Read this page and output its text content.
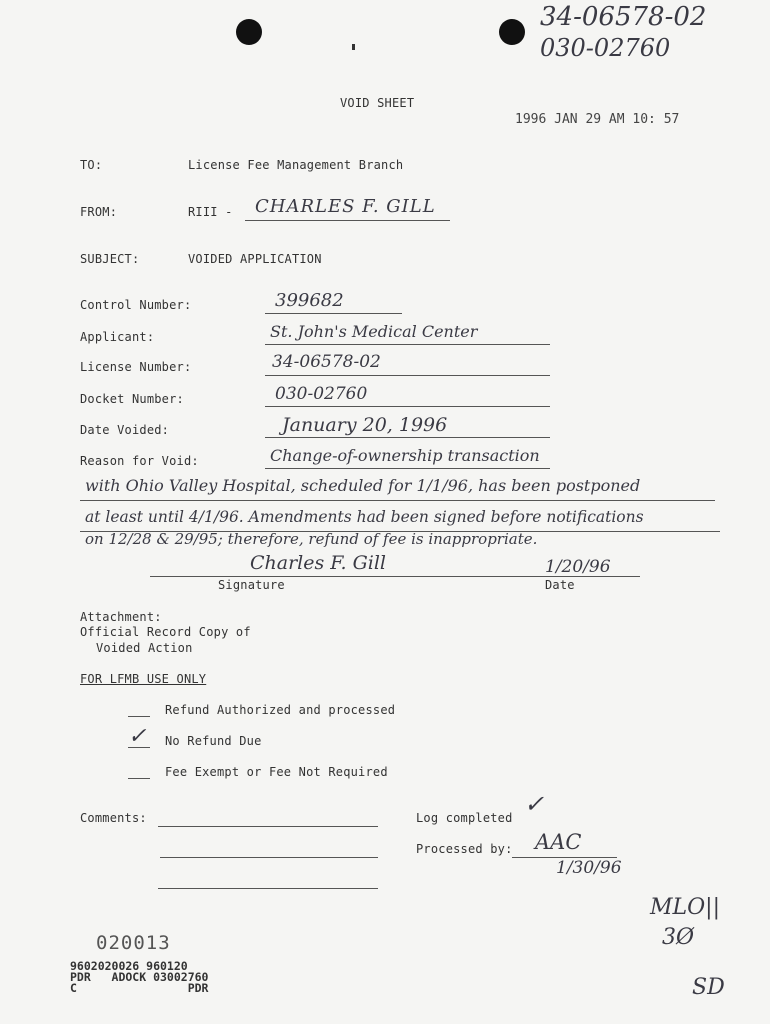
34-06578-02
030-02760
VOID SHEET
1996 JAN 29 AM 10: 57
TO:	License Fee Management Branch
FROM:	RIII - CHARLES F. GILL
SUBJECT:	VOIDED APPLICATION
Control Number:	399682
Applicant:	St. John's Medical Center
License Number:	34-06578-02
Docket Number:	030-02760
Date Voided:	January 20, 1996
Reason for Void:	Change-of-ownership transaction
with Ohio Valley Hospital, scheduled for 1/1/96, has been postponed
at least until 4/1/96. Amendments had been signed before notifications
on 12/28 & 29/95; therefore, refund of fee is inappropriate.
Charles F. Gill	1/20/96
Signature	Date
Attachment:
Official Record Copy of
Voided Action
FOR LFMB USE ONLY
Refund Authorized and processed
✓ No Refund Due
Fee Exempt or Fee Not Required
Comments:	Log completed ✓
Processed by: AAC
1/30/96
MLO||
3Ø
SD
020013
9602020026 960120
PDR   ADOCK 03002760
C                PDR
